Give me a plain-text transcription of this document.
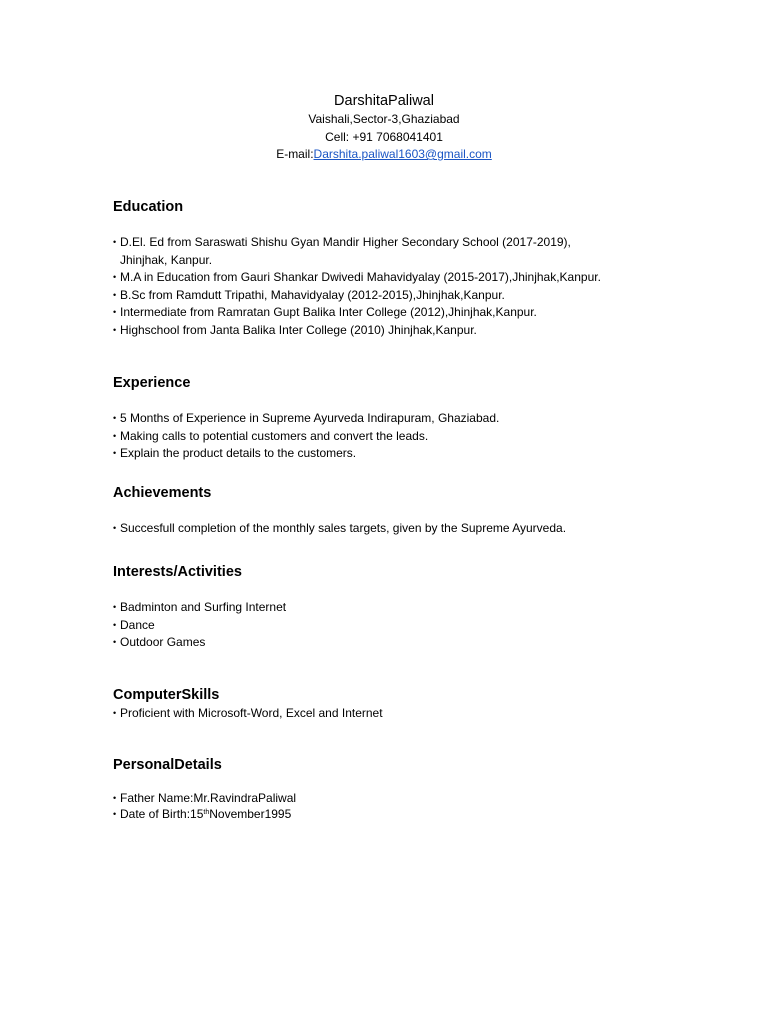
DarshitaPaliwal
Vaishali,Sector-3,Ghaziabad
Cell: +91 7068041401
E-mail:Darshita.paliwal1603@gmail.com
Education
• D.El. Ed from Saraswati Shishu Gyan Mandir Higher Secondary School (2017-2019),
Jhinjhak, Kanpur.
• M.A in Education from Gauri Shankar Dwivedi Mahavidyalay (2015-2017),Jhinjhak,Kanpur.
• B.Sc from Ramdutt Tripathi, Mahavidyalay (2012-2015),Jhinjhak,Kanpur.
• Intermediate from Ramratan Gupt Balika Inter College (2012),Jhinjhak,Kanpur.
• Highschool from Janta Balika Inter College (2010) Jhinjhak,Kanpur.
Experience
• 5 Months of Experience in Supreme Ayurveda Indirapuram, Ghaziabad.
• Making calls to potential customers and convert the leads.
• Explain the product details to the customers.
Achievements
• Succesfull completion of the monthly sales targets, given by the Supreme Ayurveda.
Interests/Activities
• Badminton and Surfing Internet
• Dance
• Outdoor Games
ComputerSkills
• Proficient with Microsoft-Word, Excel and Internet
PersonalDetails
• Father Name:Mr.RavindraPaliwal
• Date of Birth:15thNovember1995
